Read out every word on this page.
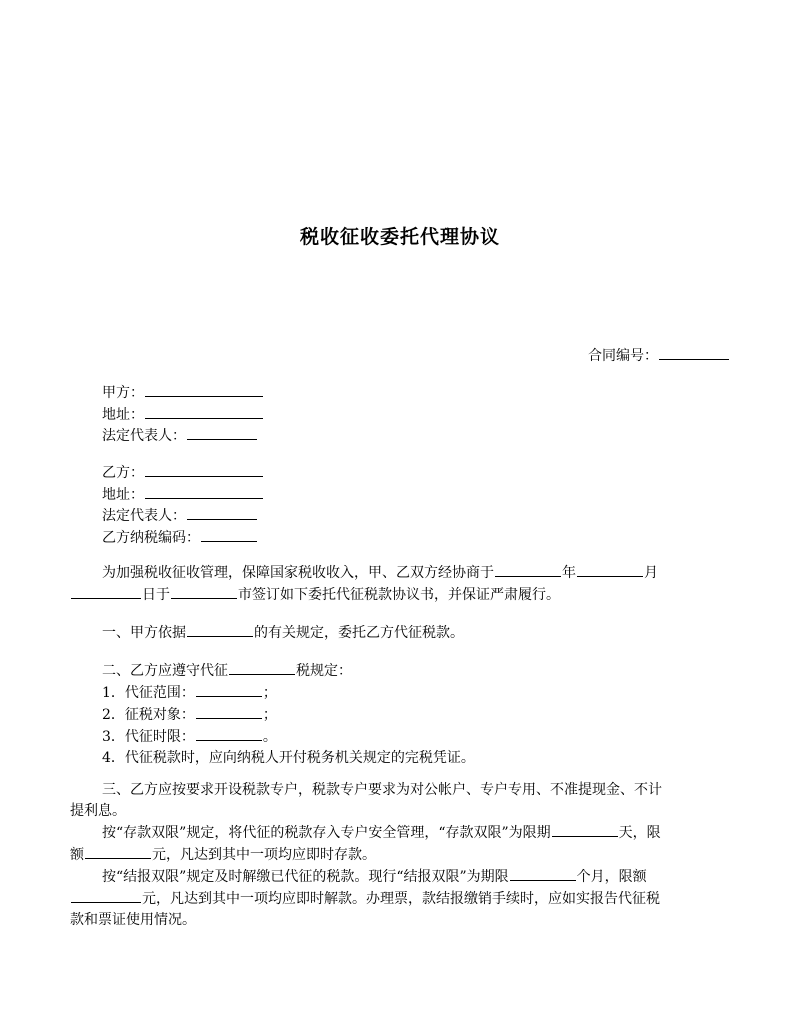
税收征收委托代理协议
合同编号：
甲方：
地址：
法定代表人：
乙方：
地址：
法定代表人：
乙方纳税编码：
为加强税收征收管理，保障国家税收收入，甲、乙双方经协商于	年	月
日于	市签订如下委托代征税款协议书，并保证严肃履行。
一、甲方依据	的有关规定，委托乙方代征税款。
二、乙方应遵守代征	税规定：
1．代征范围：	；
2．征税对象：	；
3．代征时限：	。
4．代征税款时，应向纳税人开付税务机关规定的完税凭证。
三、乙方应按要求开设税款专户，税款专户要求为对公帐户、专户专用、不准提现金、不计
提利息。
按“存款双限”规定，将代征的税款存入专户安全管理，“存款双限”为限期	天，限
额	元，凡达到其中一项均应即时存款。
按“结报双限”规定及时解缴已代征的税款。现行“结报双限”为期限	个月，限额
元，凡达到其中一项均应即时解款。办理票，款结报缴销手续时，应如实报告代征税
款和票证使用情况。
